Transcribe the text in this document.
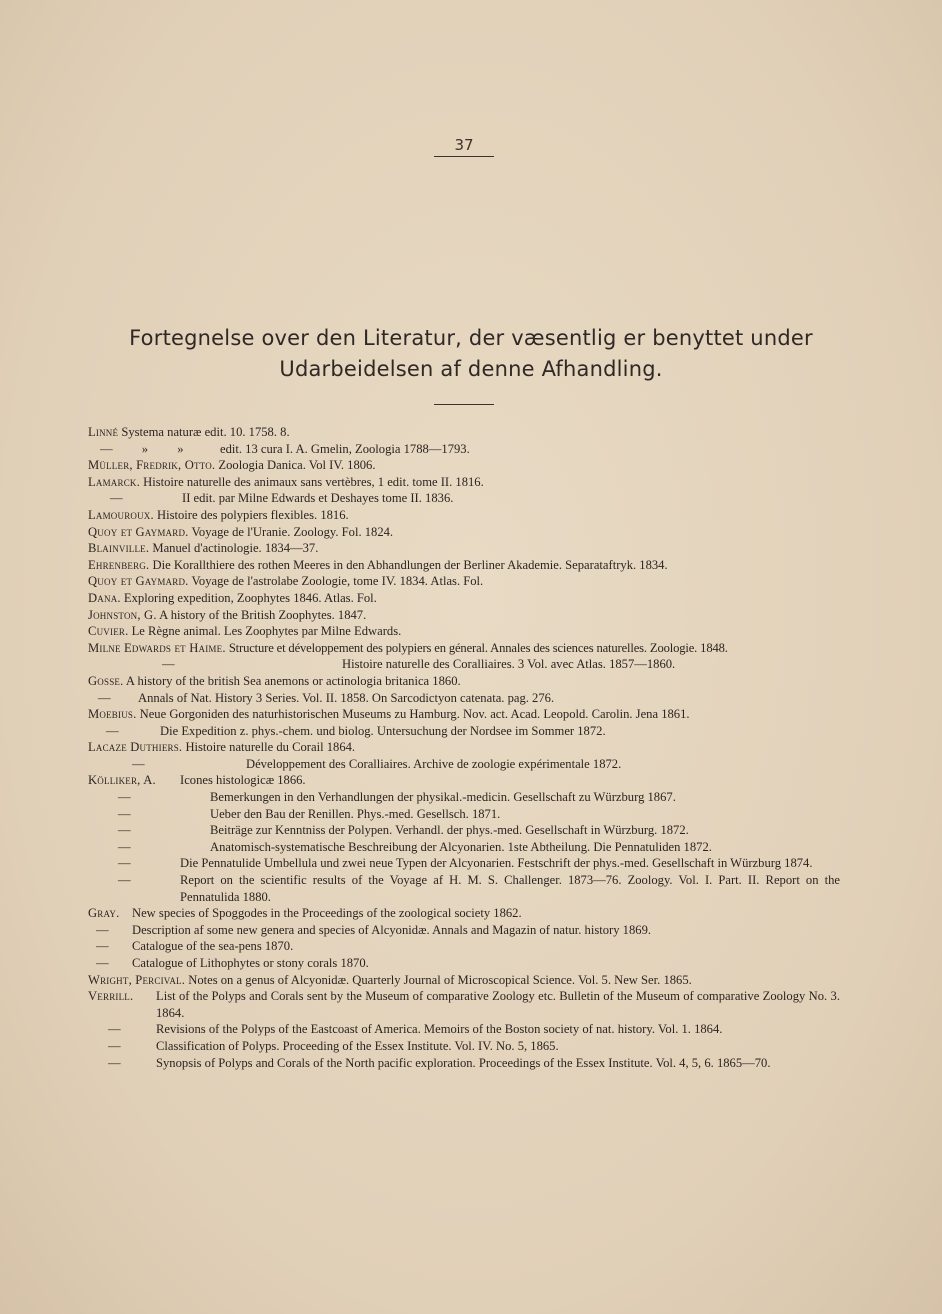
37
Fortegnelse over den Literatur, der væsentlig er benyttet under Udarbeidelsen af denne Afhandling.
Linné Systema naturæ edit. 10. 1758. 8.
— » »	edit. 13 cura I. A. Gmelin, Zoologia 1788—1793.
Müller, Fredrik, Otto. Zoologia Danica. Vol IV. 1806.
Lamarck. Histoire naturelle des animaux sans vertèbres, 1 edit. tome II. 1816.
—	II edit. par Milne Edwards et Deshayes tome II. 1836.
Lamouroux. Histoire des polypiers flexibles. 1816.
Quoy et Gaymard. Voyage de l'Uranie. Zoology. Fol. 1824.
Blainville. Manuel d'actinologie. 1834—37.
Ehrenberg. Die Korallthiere des rothen Meeres in den Abhandlungen der Berliner Akademie. Separataftryk. 1834.
Quoy et Gaymard. Voyage de l'astrolabe Zoologie, tome IV. 1834. Atlas. Fol.
Dana. Exploring expedition, Zoophytes 1846. Atlas. Fol.
Johnston, G. A history of the British Zoophytes. 1847.
Cuvier. Le Règne animal. Les Zoophytes par Milne Edwards.
Milne Edwards et Haime. Structure et développement des polypiers en géneral. Annales des sciences naturelles. Zoologie. 1848.
—	Histoire naturelle des Coralliaires. 3 Vol. avec Atlas. 1857—1860.
Gosse. A history of the british Sea anemons or actinologia britanica 1860.
— Annals of Nat. History 3 Series. Vol. II. 1858. On Sarcodictyon catenata. pag. 276.
Moebius. Neue Gorgoniden des naturhistorischen Museums zu Hamburg. Nov. act. Acad. Leopold. Carolin. Jena 1861.
—	Die Expedition z. phys.-chem. und biolog. Untersuchung der Nordsee im Sommer 1872.
Lacaze Duthiers. Histoire naturelle du Corail 1864.
—	Développement des Coralliaires. Archive de zoologie expérimentale 1872.
Kölliker, A. Icones histologicæ 1866.
—	Bemerkungen in den Verhandlungen der physikal.-medicin. Gesellschaft zu Würzburg 1867.
—	Ueber den Bau der Renillen. Phys.-med. Gesellsch. 1871.
—	Beiträge zur Kenntniss der Polypen. Verhandl. der phys.-med. Gesellschaft in Würzburg. 1872.
—	Anatomisch-systematische Beschreibung der Alcyonarien. 1ste Abtheilung. Die Pennatuliden 1872.
—	Die Pennatulide Umbellula und zwei neue Typen der Alcyonarien. Festschrift der phys.-med. Gesellschaft in Würzburg 1874.
—	Report on the scientific results of the Voyage af H. M. S. Challenger. 1873—76. Zoology. Vol. I. Part. II. Report on the Pennatulida 1880.
Gray. New species of Spoggodes in the Proceedings of the zoological society 1862.
— Description af some new genera and species of Alcyonidæ. Annals and Magazin of natur. history 1869.
— Catalogue of the sea-pens 1870.
— Catalogue of Lithophytes or stony corals 1870.
Wright, Percival. Notes on a genus of Alcyonidæ. Quarterly Journal of Microscopical Science. Vol. 5. New Ser. 1865.
Verrill.	List of the Polyps and Corals sent by the Museum of comparative Zoology etc. Bulletin of the Museum of comparative Zoology No. 3. 1864.
—	Revisions of the Polyps of the Eastcoast of America. Memoirs of the Boston society of nat. history. Vol. 1. 1864.
—	Classification of Polyps. Proceeding of the Essex Institute. Vol. IV. No. 5, 1865.
—	Synopsis of Polyps and Corals of the North pacific exploration. Proceedings of the Essex Institute. Vol. 4, 5, 6. 1865—70.
